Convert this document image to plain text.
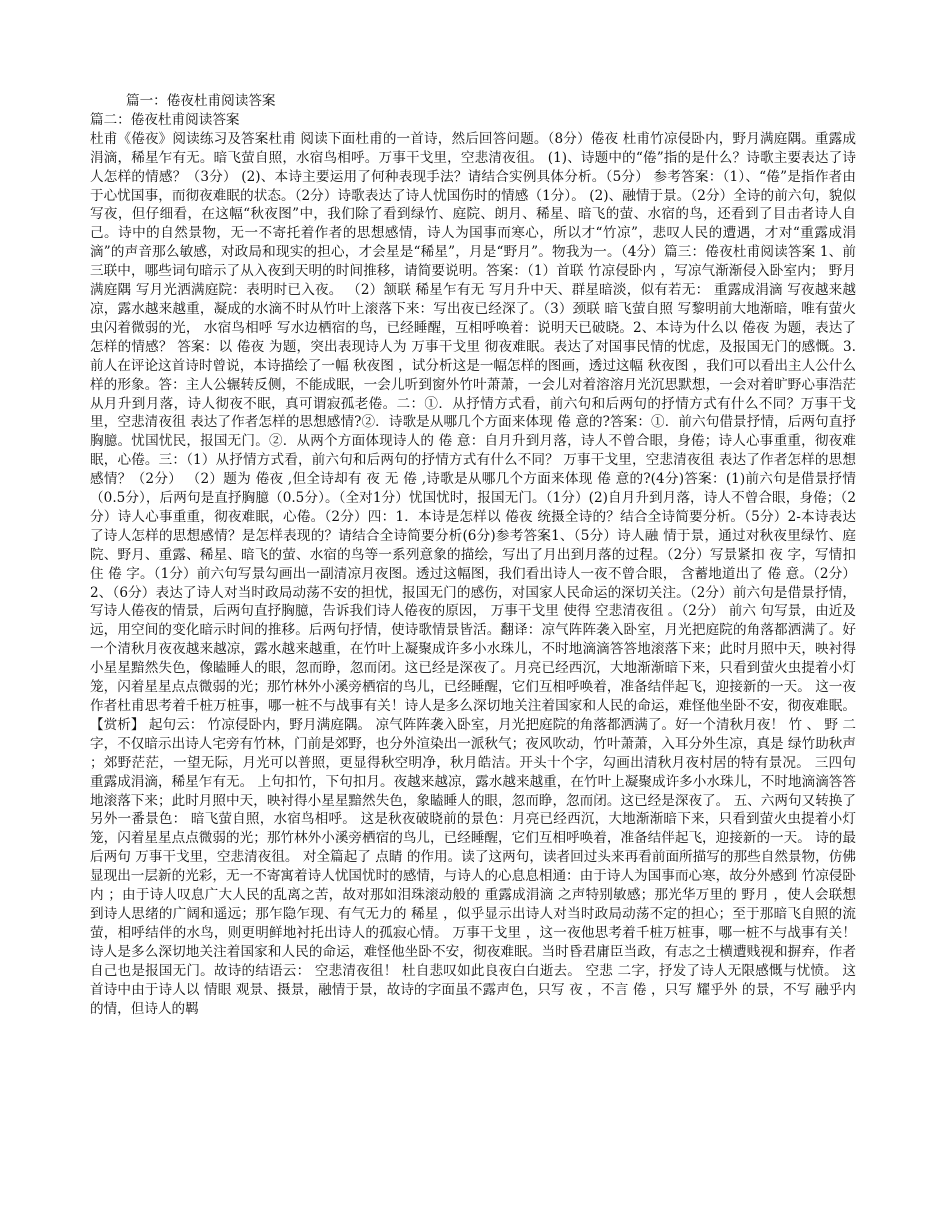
篇一：倦夜杜甫阅读答案

篇二：倦夜杜甫阅读答案

杜甫《倦夜》阅读练习及答案杜甫 阅读下面杜甫的一首诗，然后回答问题。（8分）倦夜 杜甫竹凉侵卧内，野月满庭隅。重露成涓滴，稀星乍有无。暗飞萤自照，水宿鸟相呼。万事干戈里，空悲清夜徂。 (1)、诗题中的“倦”指的是什么？诗歌主要表达了诗人怎样的情感？（3分） (2)、本诗主要运用了何种表现手法？请结合实例具体分析。（5分） 参考答案：（1）、“倦”是指作者由于心忧国事，而彻夜难眠的状态。（2分）诗歌表达了诗人忧国伤时的情感（1分）。 (2)、融情于景。（2分）全诗的前六句，貌似写夜，但仔细看，在这幅“秋夜图”中，我们除了看到绿竹、庭院、朗月、稀星、暗飞的萤、水宿的鸟，还看到了目击者诗人自己。诗中的自然景物，无一不寄托着作者的思想感情，诗人为国事而寒心，所以才“竹凉”，悲叹人民的遭遇，才对“重露成涓滴”的声音那么敏感，对政局和现实的担心，才会星是“稀星”，月是“野月”。物我为一。（4分）篇三：倦夜杜甫阅读答案 1、前三联中，哪些词句暗示了从入夜到天明的时间推移，请简要说明。答案：（1）首联 竹凉侵卧内 ，写凉气渐渐侵入卧室内； 野月满庭隅 写月光洒满庭院：表明时已入夜。 （2）颔联 稀星乍有无 写月升中天、群星暗淡，似有若无： 重露成涓滴 写夜越来越凉，露水越来越重，凝成的水滴不时从竹叶上滚落下来：写出夜已经深了。（3）颈联 暗飞萤自照 写黎明前大地渐暗，唯有萤火虫闪着微弱的光， 水宿鸟相呼 写水边栖宿的鸟，已经睡醒，互相呼唤着：说明天已破晓。2、本诗为什么以 倦夜 为题，表达了怎样的情感？ 答案：以 倦夜 为题，突出表现诗人为 万事干戈里 彻夜难眠。表达了对国事民情的忧虑，及报国无门的感慨。3.前人在评论这首诗时曾说，本诗描绘了一幅 秋夜图 ，试分析这是一幅怎样的图画，透过这幅 秋夜图 ，我们可以看出主人公什么样的形象。答：主人公辗转反侧，不能成眠，一会儿听到窗外竹叶萧萧，一会儿对着溶溶月光沉思默想，一会对着旷野心事浩茫 从月升到月落，诗人彻夜不眠，真可谓寂孤老倦。二：①．从抒情方式看，前六句和后两句的抒情方式有什么不同？万事干戈里，空悲清夜徂 表达了作者怎样的思想感情?②．诗歌是从哪几个方面来体现 倦 意的?答案：①．前六句借景抒情，后两句直抒胸臆。忧国忧民，报国无门。②．从两个方面体现诗人的 倦 意：自月升到月落，诗人不曾合眼，身倦；诗人心事重重，彻夜难眠，心倦。三：（1）从抒情方式看，前六句和后两句的抒情方式有什么不同？ 万事干戈里，空悲清夜徂 表达了作者怎样的思想感情？（2分） （2）题为 倦夜 ,但全诗却有 夜 无 倦 ,诗歌是从哪几个方面来体现 倦 意的?(4分)答案：(1)前六句是借景抒情（0.5分），后两句是直抒胸臆（0.5分）。（全对1分）忧国忧时，报国无门。（1分）(2)自月升到月落，诗人不曾合眼，身倦；（2分）诗人心事重重，彻夜难眠，心倦。（2分）四：1．本诗是怎样以 倦夜 统摄全诗的？结合全诗简要分析。（5分）2-本诗表达了诗人怎样的思想感情？是怎样表现的？请结合全诗简要分析(6分)参考答案1、（5分）诗人融 情于景，通过对秋夜里绿竹、庭院、野月、重露、稀星、暗飞的萤、水宿的鸟等一系列意象的描绘，写出了月出到月落的过程。（2分）写景紧扣 夜 字，写情扣住 倦 字。（1分）前六句写景勾画出一副清凉月夜图。透过这幅图，我们看出诗人一夜不曾合眼， 含蓄地道出了 倦 意。（2分）2、（6分）表达了诗人对当时政局动荡不安的担忧，报国无门的感伤，对国家人民命运的深切关注。（2分）前六句是借景抒情，写诗人倦夜的情景，后两句直抒胸臆，告诉我们诗人倦夜的原因， 万事干戈里 使得 空悲清夜徂 。（2分） 前六 句写景，由近及远，用空间的变化暗示时间的推移。后两句抒情，使诗歌情景皆活。翻译：凉气阵阵袭入卧室，月光把庭院的角落都洒满了。好一个清秋月夜夜越来越凉，露水越来越重，在竹叶上凝聚成许多小水珠儿，不时地滴滴答答地滚落下来；此时月照中天，映衬得小星星黯然失色，像瞌睡人的眼，忽而睁，忽而闭。这已经是深夜了。月亮已经西沉，大地渐渐暗下来，只看到萤火虫提着小灯笼，闪着星星点点微弱的光；那竹林外小溪旁栖宿的鸟儿，已经睡醒，它们互相呼唤着，准备结伴起飞，迎接新的一天。 这一夜作者杜甫思考着千桩万桩事，哪一桩不与战事有关！诗人是多么深切地关注着国家和人民的命运，难怪他坐卧不安，彻夜难眠。【赏析】 起句云： 竹凉侵卧内，野月满庭隅。 凉气阵阵袭入卧室，月光把庭院的角落都洒满了。好一个清秋月夜！ 竹 、 野 二字，不仅暗示出诗人宅旁有竹林，门前是郊野，也分外渲染出一派秋气；夜风吹动，竹叶萧萧，入耳分外生凉，真是 绿竹助秋声 ；郊野茫茫，一望无际，月光可以普照，更显得秋空明净，秋月皓洁。开头十个字，勾画出清秋月夜村居的特有景况。 三四句 重露成涓滴，稀星乍有无。 上句扣竹，下句扣月。夜越来越凉，露水越来越重，在竹叶上凝聚成许多小水珠儿，不时地滴滴答答地滚落下来；此时月照中天，映衬得小星星黯然失色，象瞌睡人的眼，忽而睁，忽而闭。这已经是深夜了。 五、六两句又转换了另外一番景色： 暗飞萤自照，水宿鸟相呼。 这是秋夜破晓前的景色：月亮已经西沉，大地渐渐暗下来，只看到萤火虫提着小灯笼，闪着星星点点微弱的光；那竹林外小溪旁栖宿的鸟儿，已经睡醒，它们互相呼唤着，准备结伴起飞，迎接新的一天。 诗的最后两句 万事干戈里，空悲清夜徂。 对全篇起了 点睛 的作用。读了这两句，读者回过头来再看前面所描写的那些自然景物，仿佛显现出一层新的光彩，无一不寄寓着诗人忧国忧时的感情，与诗人的心息息相通：由于诗人为国事而心寒，故分外感到 竹凉侵卧内 ；由于诗人叹息广大人民的乱离之苦，故对那如泪珠滚动般的 重露成涓滴 之声特别敏感；那光华万里的 野月 ，使人会联想到诗人思绪的广阔和遥远；那乍隐乍现、有气无力的 稀星 ，似乎显示出诗人对当时政局动荡不定的担心；至于那暗飞自照的流萤，相呼结伴的水鸟，则更明鲜地衬托出诗人的孤寂心情。 万事干戈里 ，这一夜他思考着千桩万桩事，哪一桩不与战事有关！诗人是多么深切地关注着国家和人民的命运，难怪他坐卧不安，彻夜难眠。当时昏君庸臣当政，有志之士横遭贱视和摒弃，作者自己也是报国无门。故诗的结语云： 空悲清夜徂！ 杜自悲叹如此良夜白白逝去。 空悲 二字，抒发了诗人无限感慨与忧愤。 这首诗中由于诗人以 情眼 观景、摄景，融情于景，故诗的字面虽不露声色，只写 夜 ，不言 倦 ，只写 耀乎外 的景，不写 融乎内 的情，但诗人的羁
